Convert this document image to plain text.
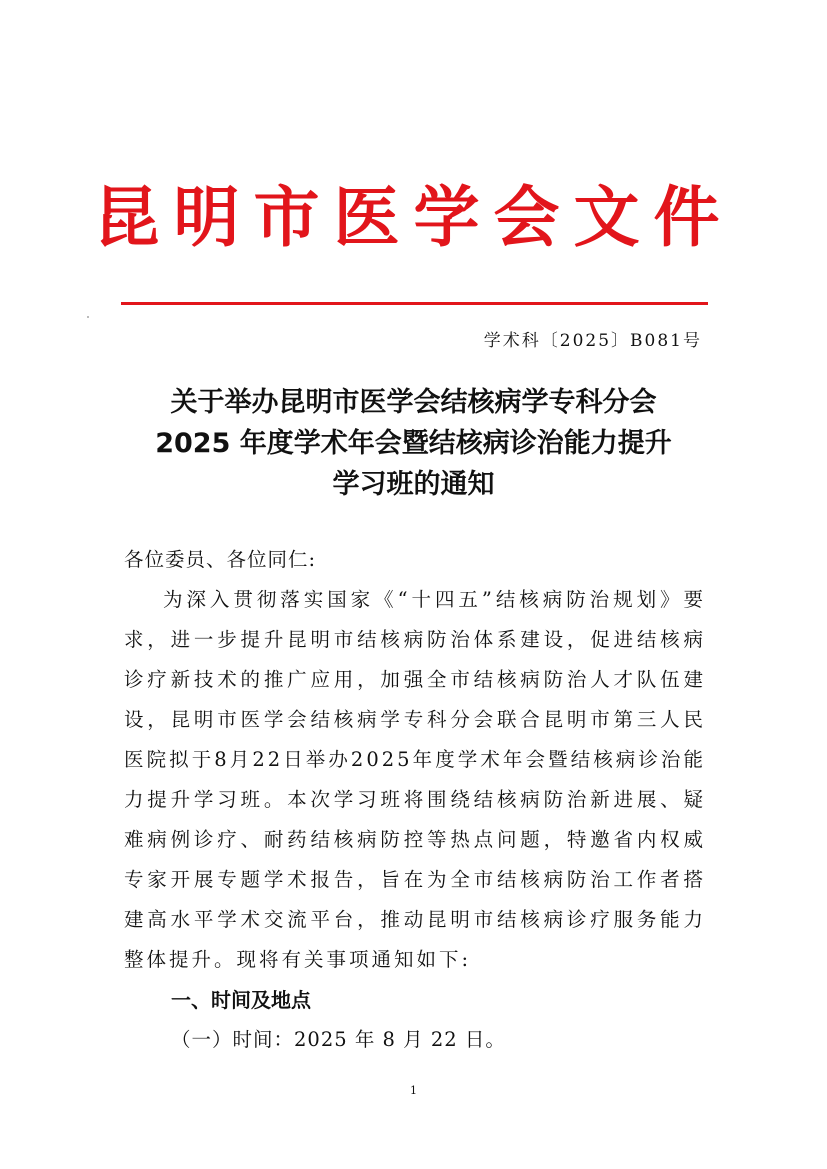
昆明市医学会文件
学术科〔2025〕B081号
关于举办昆明市医学会结核病学专科分会
2025 年度学术年会暨结核病诊治能力提升
学习班的通知

各位委员、各位同仁:

为深入贯彻落实国家《“十四五”结核病防治规划》要求，进一步提升昆明市结核病防治体系建设，促进结核病诊疗新技术的推广应用，加强全市结核病防治人才队伍建设，昆明市医学会结核病学专科分会联合昆明市第三人民医院拟于8月22日举办2025年度学术年会暨结核病诊治能力提升学习班。本次学习班将围绕结核病防治新进展、疑难病例诊疗、耐药结核病防控等热点问题，特邀省内权威专家开展专题学术报告，旨在为全市结核病防治工作者搭建高水平学术交流平台，推动昆明市结核病诊疗服务能力整体提升。现将有关事项通知如下:

一、时间及地点

（一）时间：2025 年 8 月 22 日。

1
